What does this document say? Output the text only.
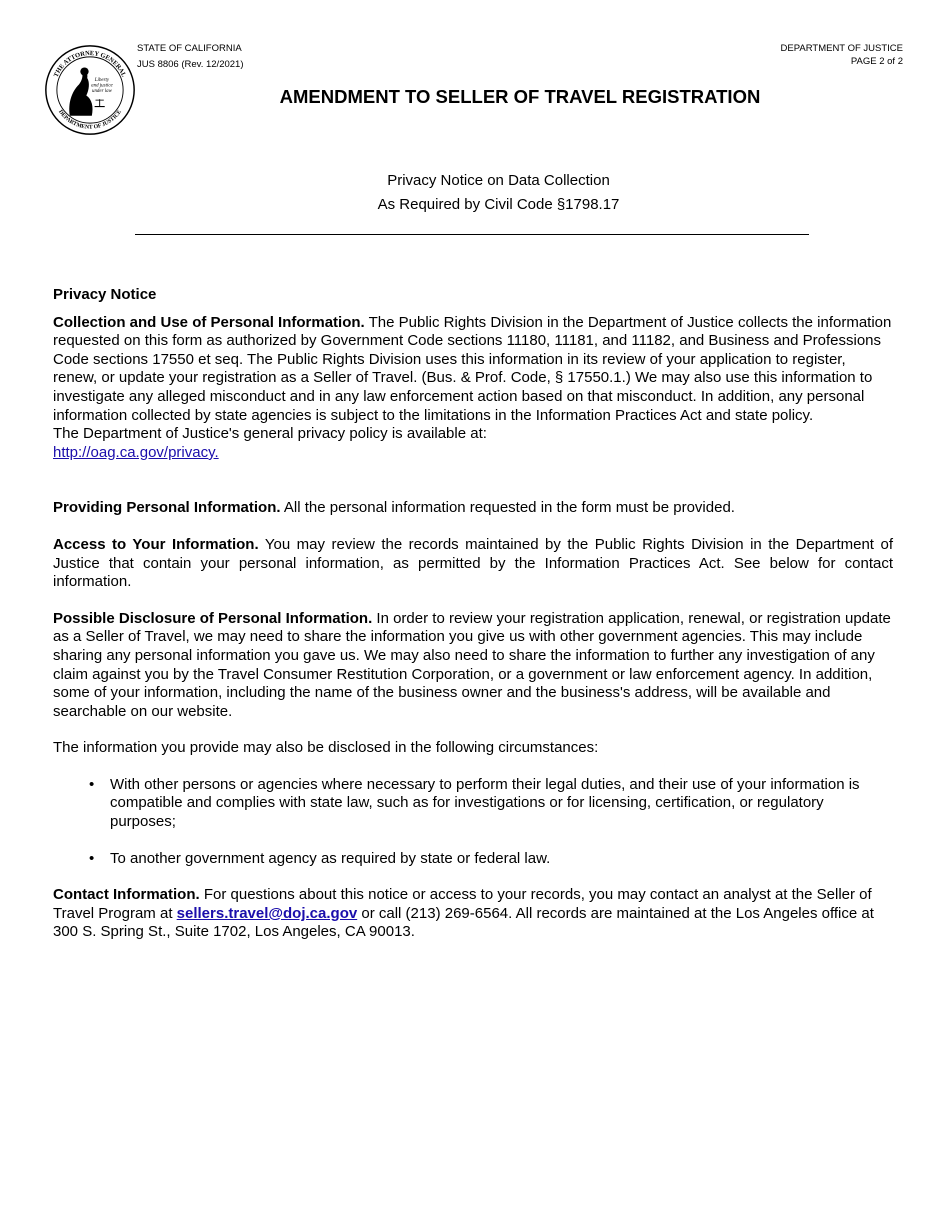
STATE OF CALIFORNIA
JUS 8806 (Rev. 12/2021)
DEPARTMENT OF JUSTICE
PAGE 2 of 2
THE ATTORNEY GENERAL
DEPARTMENT OF JUSTICE
Liberty
and justice
under law	AMENDMENT TO SELLER OF TRAVEL REGISTRATION
Privacy Notice on Data Collection
As Required by Civil Code §1798.17

Privacy Notice

Collection and Use of Personal Information. The Public Rights Division in the Department of Justice collects the information requested on this form as authorized by Government Code sections 11180, 11181, and 11182, and Business and Professions Code sections 17550 et seq. The Public Rights Division uses this information in its review of your application to register, renew, or update your registration as a Seller of Travel. (Bus. & Prof. Code, § 17550.1.) We may also use this information to investigate any alleged misconduct and in any law enforcement action based on that misconduct. In addition, any personal information collected by state agencies is subject to the limitations in the Information Practices Act and state policy.

The Department of Justice's general privacy policy is available at:

http://oag.ca.gov/privacy.

Providing Personal Information. All the personal information requested in the form must be provided.

Access to Your Information. You may review the records maintained by the Public Rights Division in the Department of Justice that contain your personal information, as permitted by the Information Practices Act. See below for contact information.

Possible Disclosure of Personal Information. In order to review your registration application, renewal, or registration update as a Seller of Travel, we may need to share the information you give us with other government agencies. This may include sharing any personal information you gave us. We may also need to share the information to further any investigation of any claim against you by the Travel Consumer Restitution Corporation, or a government or law enforcement agency. In addition, some of your information, including the name of the business owner and the business's address, will be available and searchable on our website.

The information you provide may also be disclosed in the following circumstances:

• With other persons or agencies where necessary to perform their legal duties, and their use of your information is compatible and complies with state law, such as for investigations or for licensing, certification, or regulatory purposes;
• To another government agency as required by state or federal law.

Contact Information. For questions about this notice or access to your records, you may contact an analyst at the Seller of Travel Program at sellers.travel@doj.ca.gov or call (213) 269-6564. All records are maintained at the Los Angeles office at 300 S. Spring St., Suite 1702, Los Angeles, CA 90013.
